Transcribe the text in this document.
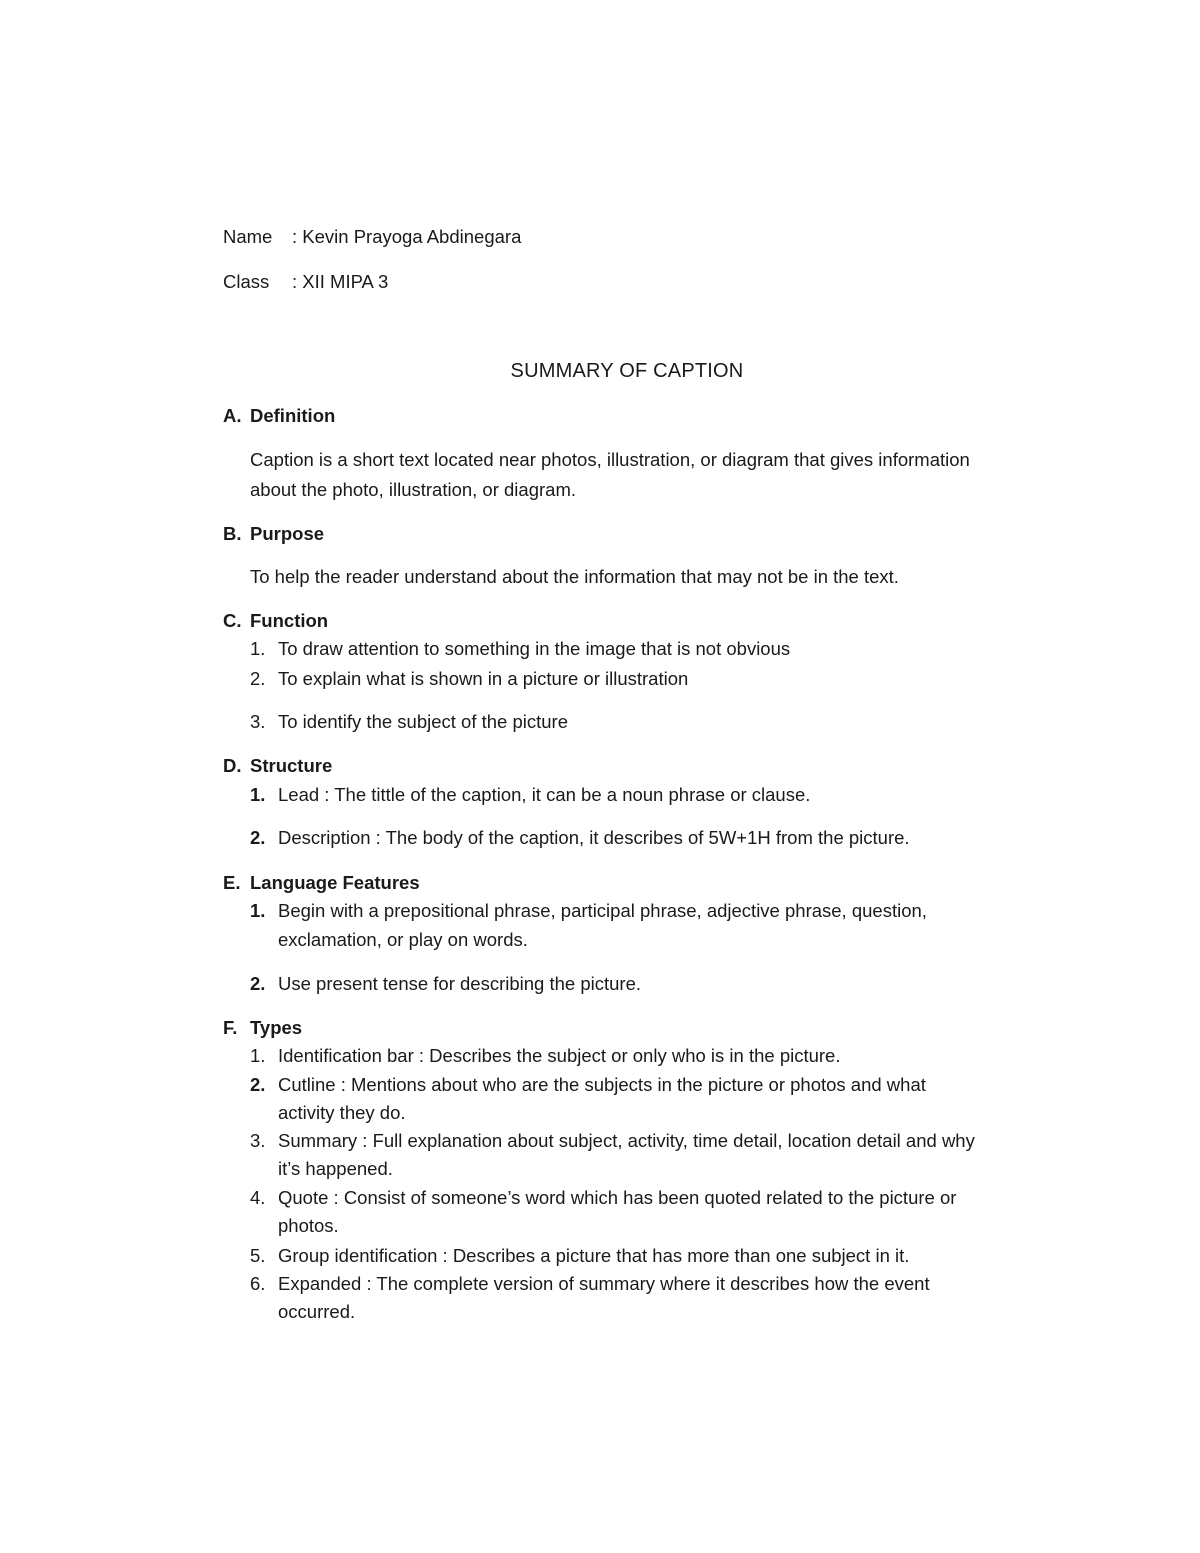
Name : Kevin Prayoga Abdinegara
Class : XII MIPA 3
SUMMARY OF CAPTION
A. Definition
Caption is a short text located near photos, illustration, or diagram that gives information
about the photo, illustration, or diagram.
B. Purpose
To help the reader understand about the information that may not be in the text.
C. Function
1. To draw attention to something in the image that is not obvious
2. To explain what is shown in a picture or illustration
3. To identify the subject of the picture
D. Structure
1. Lead : The tittle of the caption, it can be a noun phrase or clause.
2. Description : The body of the caption, it describes of 5W+1H from the picture.
E. Language Features
1. Begin with a prepositional phrase, participal phrase, adjective phrase, question,
exclamation, or play on words.
2. Use present tense for describing the picture.
F. Types
1. Identification bar : Describes the subject or only who is in the picture.
2. Cutline : Mentions about who are the subjects in the picture or photos and what
activity they do.
3. Summary : Full explanation about subject, activity, time detail, location detail and why
it’s happened.
4. Quote : Consist of someone’s word which has been quoted related to the picture or
photos.
5. Group identification : Describes a picture that has more than one subject in it.
6. Expanded : The complete version of summary where it describes how the event
occurred.
